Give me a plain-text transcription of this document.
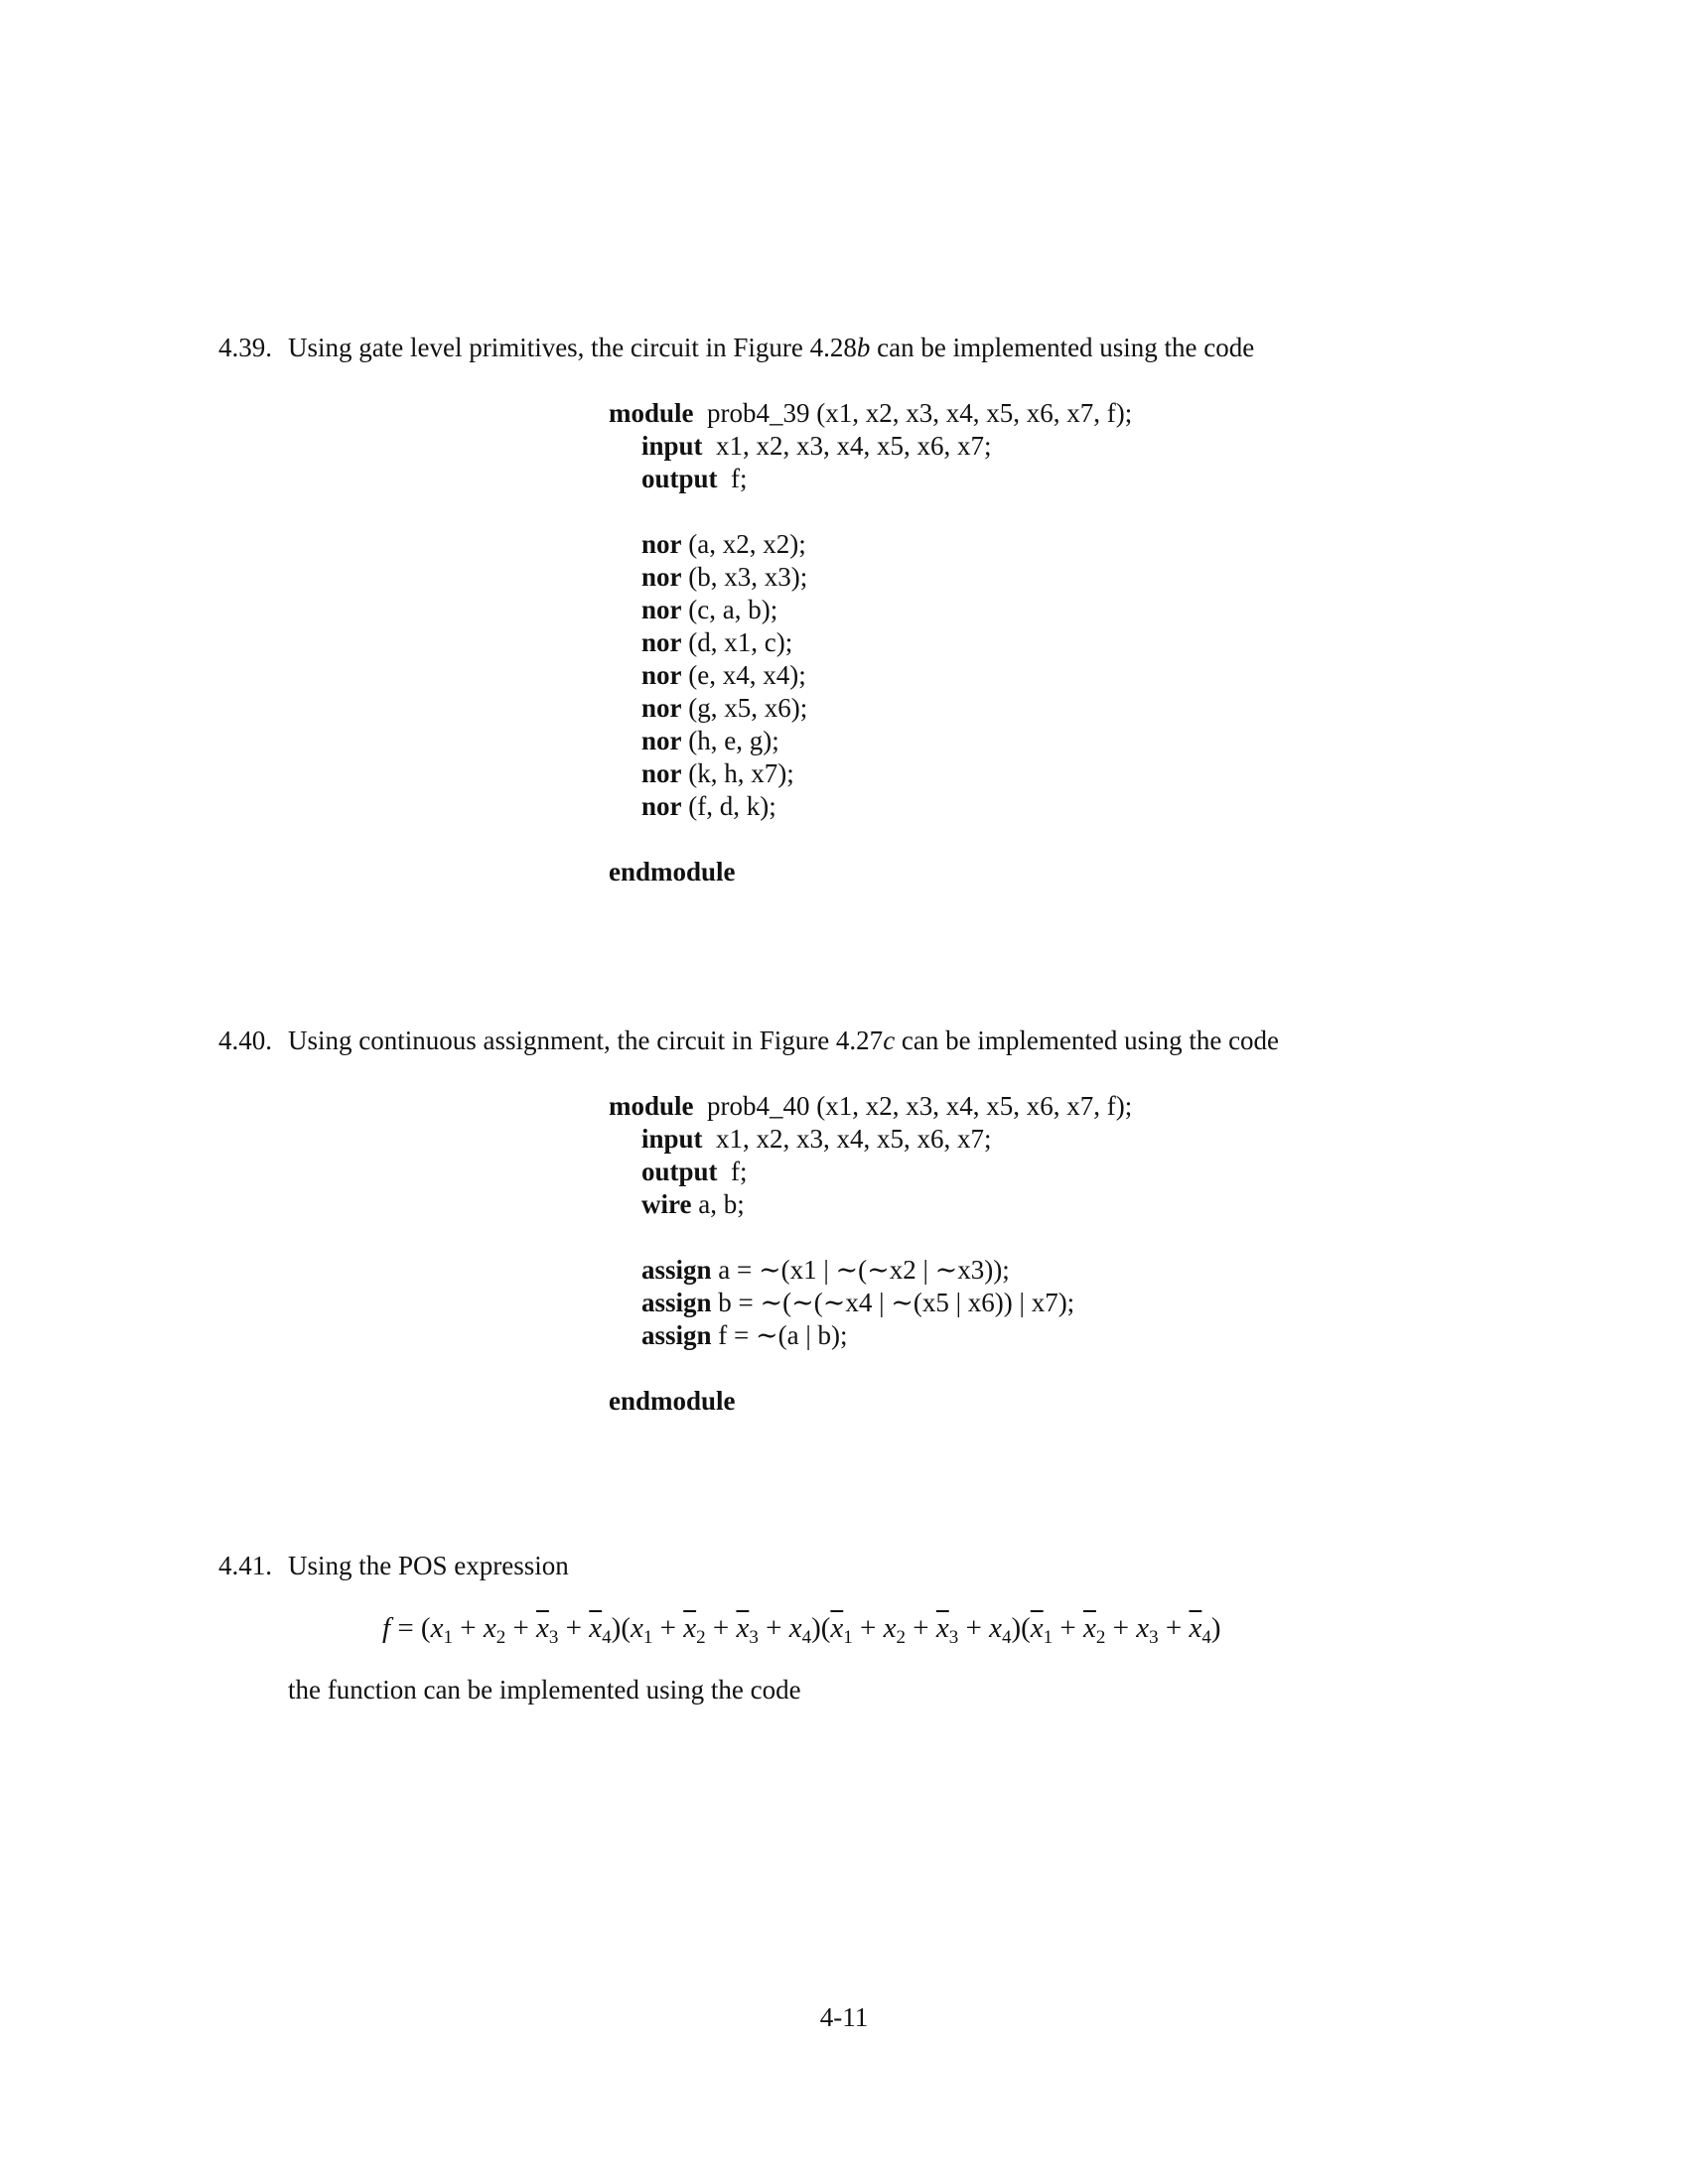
4.39. Using gate level primitives, the circuit in Figure 4.28b can be implemented using the code
module prob4_39 (x1, x2, x3, x4, x5, x6, x7, f);
input x1, x2, x3, x4, x5, x6, x7;
output f;
nor (a, x2, x2);
nor (b, x3, x3);
nor (c, a, b);
nor (d, x1, c);
nor (e, x4, x4);
nor (g, x5, x6);
nor (h, e, g);
nor (k, h, x7);
nor (f, d, k);
endmodule
4.40. Using continuous assignment, the circuit in Figure 4.27c can be implemented using the code
module prob4_40 (x1, x2, x3, x4, x5, x6, x7, f);
input x1, x2, x3, x4, x5, x6, x7;
output f;
wire a, b;
assign a = ∼(x1 | ∼(∼x2 | ∼x3));
assign b = ∼(∼(∼x4 | ∼(x5 | x6)) | x7);
assign f = ∼(a | b);
endmodule
4.41. Using the POS expression
$f = (x_1 + x_2 + \overline{x}_3 + \overline{x}_4)(x_1 + \overline{x}_2 + \overline{x}_3 + x_4)(\overline{x}_1 + x_2 + \overline{x}_3 + x_4)(\overline{x}_1 + \overline{x}_2 + x_3 + \overline{x}_4)$
the function can be implemented using the code
4-11
